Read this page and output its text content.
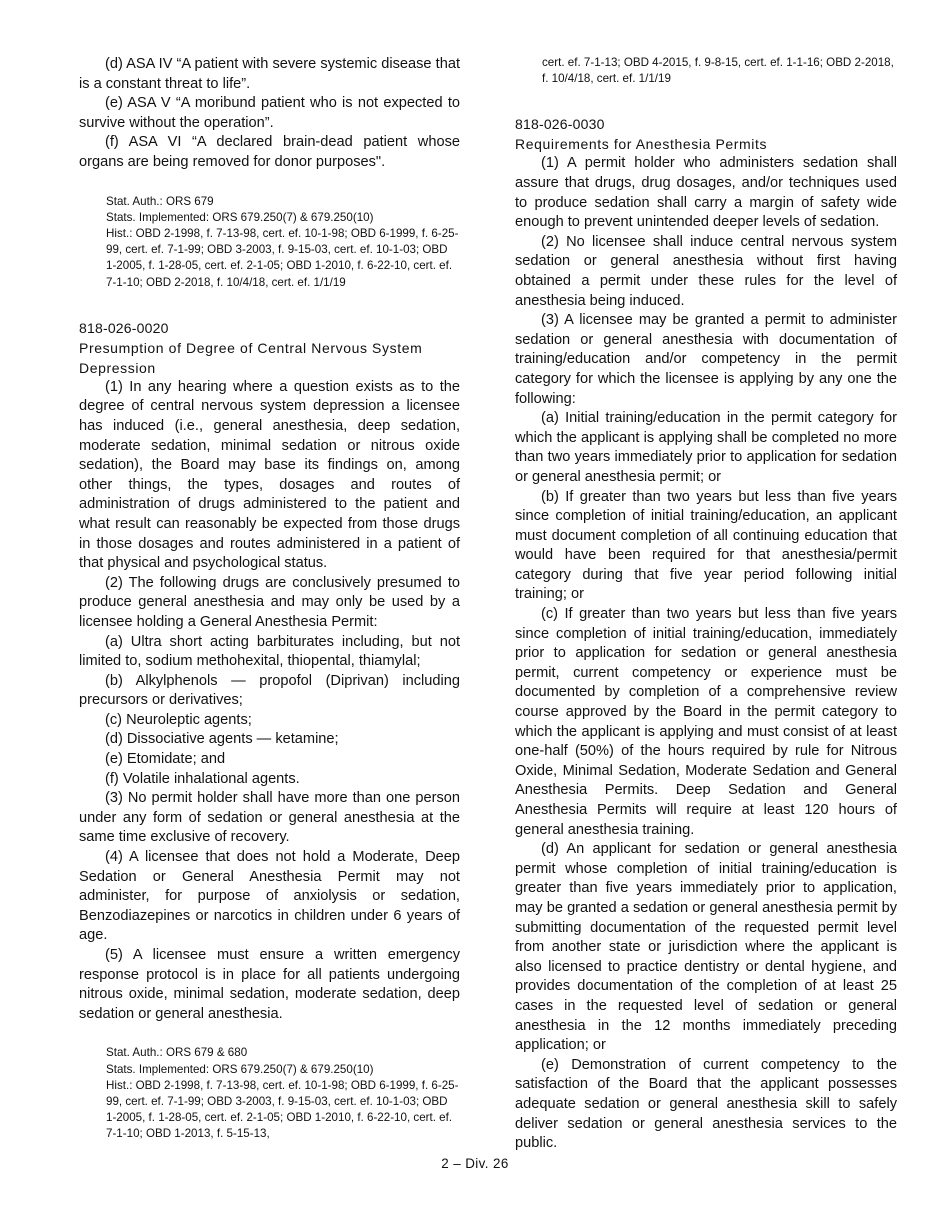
(d) ASA IV “A patient with severe systemic disease that is a constant threat to life”.

(e) ASA V “A moribund patient who is not expected to survive without the operation”.

(f) ASA VI “A declared brain-dead patient whose organs are being removed for donor purposes".

Stat. Auth.: ORS 679

Stats. Implemented: ORS 679.250(7) & 679.250(10)

Hist.: OBD 2-1998, f. 7-13-98, cert. ef. 10-1-98; OBD 6-1999, f. 6-25-99, cert. ef. 7-1-99; OBD 3-2003, f. 9-15-03, cert. ef. 10-1-03; OBD 1-2005, f. 1-28-05, cert. ef. 2-1-05; OBD 1-2010, f. 6-22-10, cert. ef. 7-1-10; OBD 2-2018, f. 10/4/18, cert. ef. 1/1/19

818-026-0020

Presumption of Degree of Central Nervous System Depression

(1) In any hearing where a question exists as to the degree of central nervous system depression a licensee has induced (i.e., general anesthesia, deep sedation, moderate sedation, minimal sedation or nitrous oxide sedation), the Board may base its findings on, among other things, the types, dosages and routes of administration of drugs administered to the patient and what result can reasonably be expected from those drugs in those dosages and routes administered in a patient of that physical and psychological status.

(2) The following drugs are conclusively presumed to produce general anesthesia and may only be used by a licensee holding a General Anesthesia Permit:

(a) Ultra short acting barbiturates including, but not limited to, sodium methohexital, thiopental, thiamylal;

(b) Alkylphenols — propofol (Diprivan) including precursors or derivatives;

(c) Neuroleptic agents;

(d) Dissociative agents — ketamine;

(e) Etomidate; and

(f) Volatile inhalational agents.

(3) No permit holder shall have more than one person under any form of sedation or general anesthesia at the same time exclusive of recovery.

(4) A licensee that does not hold a Moderate, Deep Sedation or General Anesthesia Permit may not administer, for purpose of anxiolysis or sedation, Benzodiazepines or narcotics in children under 6 years of age.

(5) A licensee must ensure a written emergency response protocol is in place for all patients undergoing nitrous oxide, minimal sedation, moderate sedation, deep sedation or general anesthesia.

Stat. Auth.: ORS 679 & 680

Stats. Implemented: ORS 679.250(7) & 679.250(10)

Hist.: OBD 2-1998, f. 7-13-98, cert. ef. 10-1-98; OBD 6-1999, f. 6-25-99, cert. ef. 7-1-99; OBD 3-2003, f. 9-15-03, cert. ef. 10-1-03; OBD 1-2005, f. 1-28-05, cert. ef. 2-1-05; OBD 1-2010, f. 6-22-10, cert. ef. 7-1-10; OBD 1-2013, f. 5-15-13,

cert. ef. 7-1-13; OBD 4-2015, f. 9-8-15, cert. ef. 1-1-16; OBD 2-2018, f. 10/4/18, cert. ef. 1/1/19

818-026-0030

Requirements for Anesthesia Permits

(1) A permit holder who administers sedation shall assure that drugs, drug dosages, and/or techniques used to produce sedation shall carry a margin of safety wide enough to prevent unintended deeper levels of sedation.

(2) No licensee shall induce central nervous system sedation or general anesthesia without first having obtained a permit under these rules for the level of anesthesia being induced.

(3) A licensee may be granted a permit to administer sedation or general anesthesia with documentation of training/education and/or competency in the permit category for which the licensee is applying by any one the following:

(a) Initial training/education in the permit category for which the applicant is applying shall be completed no more than two years immediately prior to application for sedation or general anesthesia permit; or

(b) If greater than two years but less than five years since completion of initial training/education, an applicant must document completion of all continuing education that would have been required for that anesthesia/permit category during that five year period following initial training; or

(c) If greater than two years but less than five years since completion of initial training/education, immediately prior to application for sedation or general anesthesia permit, current competency or experience must be documented by completion of a comprehensive review course approved by the Board in the permit category to which the applicant is applying and must consist of at least one-half (50%) of the hours required by rule for Nitrous Oxide, Minimal Sedation, Moderate Sedation and General Anesthesia Permits. Deep Sedation and General Anesthesia Permits will require at least 120 hours of general anesthesia training.

(d) An applicant for sedation or general anesthesia permit whose completion of initial training/education is greater than five years immediately prior to application, may be granted a sedation or general anesthesia permit by submitting documentation of the requested permit level from another state or jurisdiction where the applicant is also licensed to practice dentistry or dental hygiene, and provides documentation of the completion of at least 25 cases in the requested level of sedation or general anesthesia in the 12 months immediately preceding application; or

(e) Demonstration of current competency to the satisfaction of the Board that the applicant possesses adequate sedation or general anesthesia skill to safely deliver sedation or general anesthesia services to the public.

2 – Div. 26
